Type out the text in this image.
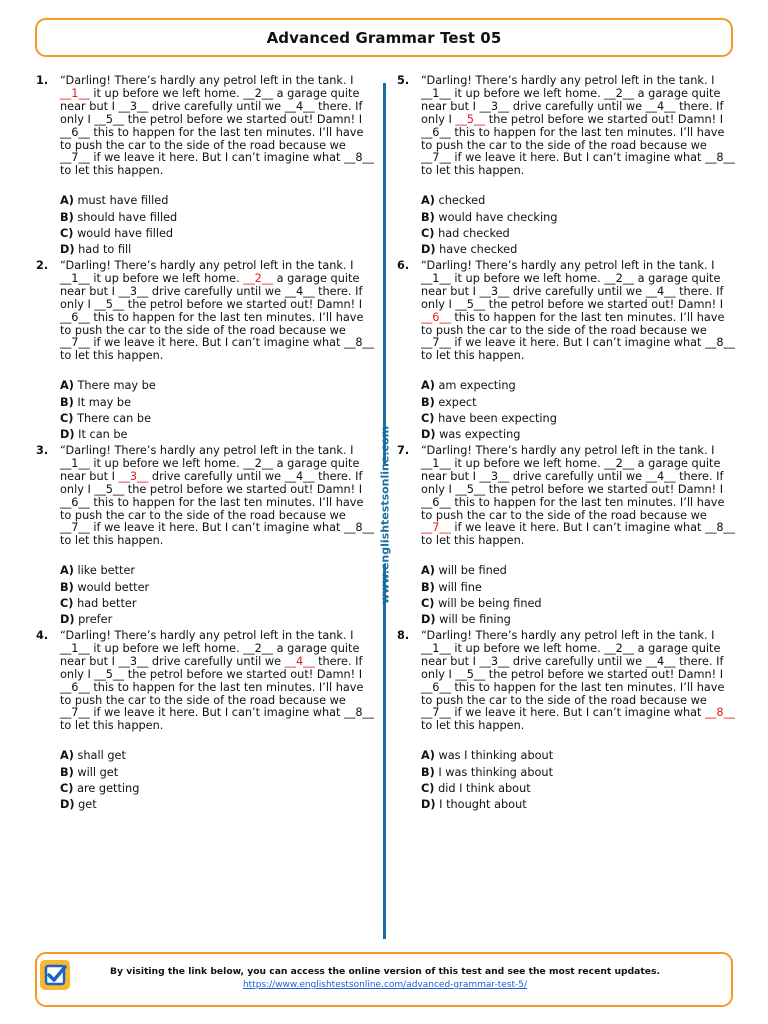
Advanced Grammar Test 05
www.englishtestsonline.com
1. “Darling! There’s hardly any petrol left in the tank. I __1__ it up before we left home. __2__ a garage quite near but I __3__ drive carefully until we __4__ there. If only I __5__ the petrol before we started out! Damn! I __6__ this to happen for the last ten minutes. I’ll have to push the car to the side of the road because we __7__ if we leave it here. But I can’t imagine what __8__ to let this happen.
A) must have filled
B) should have filled
C) would have filled
D) had to fill
2. “Darling! There’s hardly any petrol left in the tank. I __1__ it up before we left home. __2__ a garage quite near but I __3__ drive carefully until we __4__ there. If only I __5__ the petrol before we started out! Damn! I __6__ this to happen for the last ten minutes. I’ll have to push the car to the side of the road because we __7__ if we leave it here. But I can’t imagine what __8__ to let this happen.
A) There may be
B) It may be
C) There can be
D) It can be
3. “Darling! There’s hardly any petrol left in the tank. I __1__ it up before we left home. __2__ a garage quite near but I __3__ drive carefully until we __4__ there. If only I __5__ the petrol before we started out! Damn! I __6__ this to happen for the last ten minutes. I’ll have to push the car to the side of the road because we __7__ if we leave it here. But I can’t imagine what __8__ to let this happen.
A) like better
B) would better
C) had better
D) prefer
4. “Darling! There’s hardly any petrol left in the tank. I __1__ it up before we left home. __2__ a garage quite near but I __3__ drive carefully until we __4__ there. If only I __5__ the petrol before we started out! Damn! I __6__ this to happen for the last ten minutes. I’ll have to push the car to the side of the road because we __7__ if we leave it here. But I can’t imagine what __8__ to let this happen.
A) shall get
B) will get
C) are getting
D) get
5. “Darling! There’s hardly any petrol left in the tank. I __1__ it up before we left home. __2__ a garage quite near but I __3__ drive carefully until we __4__ there. If only I __5__ the petrol before we started out! Damn! I __6__ this to happen for the last ten minutes. I’ll have to push the car to the side of the road because we __7__ if we leave it here. But I can’t imagine what __8__ to let this happen.
A) checked
B) would have checking
C) had checked
D) have checked
6. “Darling! There’s hardly any petrol left in the tank. I __1__ it up before we left home. __2__ a garage quite near but I __3__ drive carefully until we __4__ there. If only I __5__ the petrol before we started out! Damn! I __6__ this to happen for the last ten minutes. I’ll have to push the car to the side of the road because we __7__ if we leave it here. But I can’t imagine what __8__ to let this happen.
A) am expecting
B) expect
C) have been expecting
D) was expecting
7. “Darling! There’s hardly any petrol left in the tank. I __1__ it up before we left home. __2__ a garage quite near but I __3__ drive carefully until we __4__ there. If only I __5__ the petrol before we started out! Damn! I __6__ this to happen for the last ten minutes. I’ll have to push the car to the side of the road because we __7__ if we leave it here. But I can’t imagine what __8__ to let this happen.
A) will be fined
B) will fine
C) will be being fined
D) will be fining
8. “Darling! There’s hardly any petrol left in the tank. I __1__ it up before we left home. __2__ a garage quite near but I __3__ drive carefully until we __4__ there. If only I __5__ the petrol before we started out! Damn! I __6__ this to happen for the last ten minutes. I’ll have to push the car to the side of the road because we __7__ if we leave it here. But I can’t imagine what __8__ to let this happen.
A) was I thinking about
B) I was thinking about
C) did I think about
D) I thought about
By visiting the link below, you can access the online version of this test and see the most recent updates.
https://www.englishtestsonline.com/advanced-grammar-test-5/
